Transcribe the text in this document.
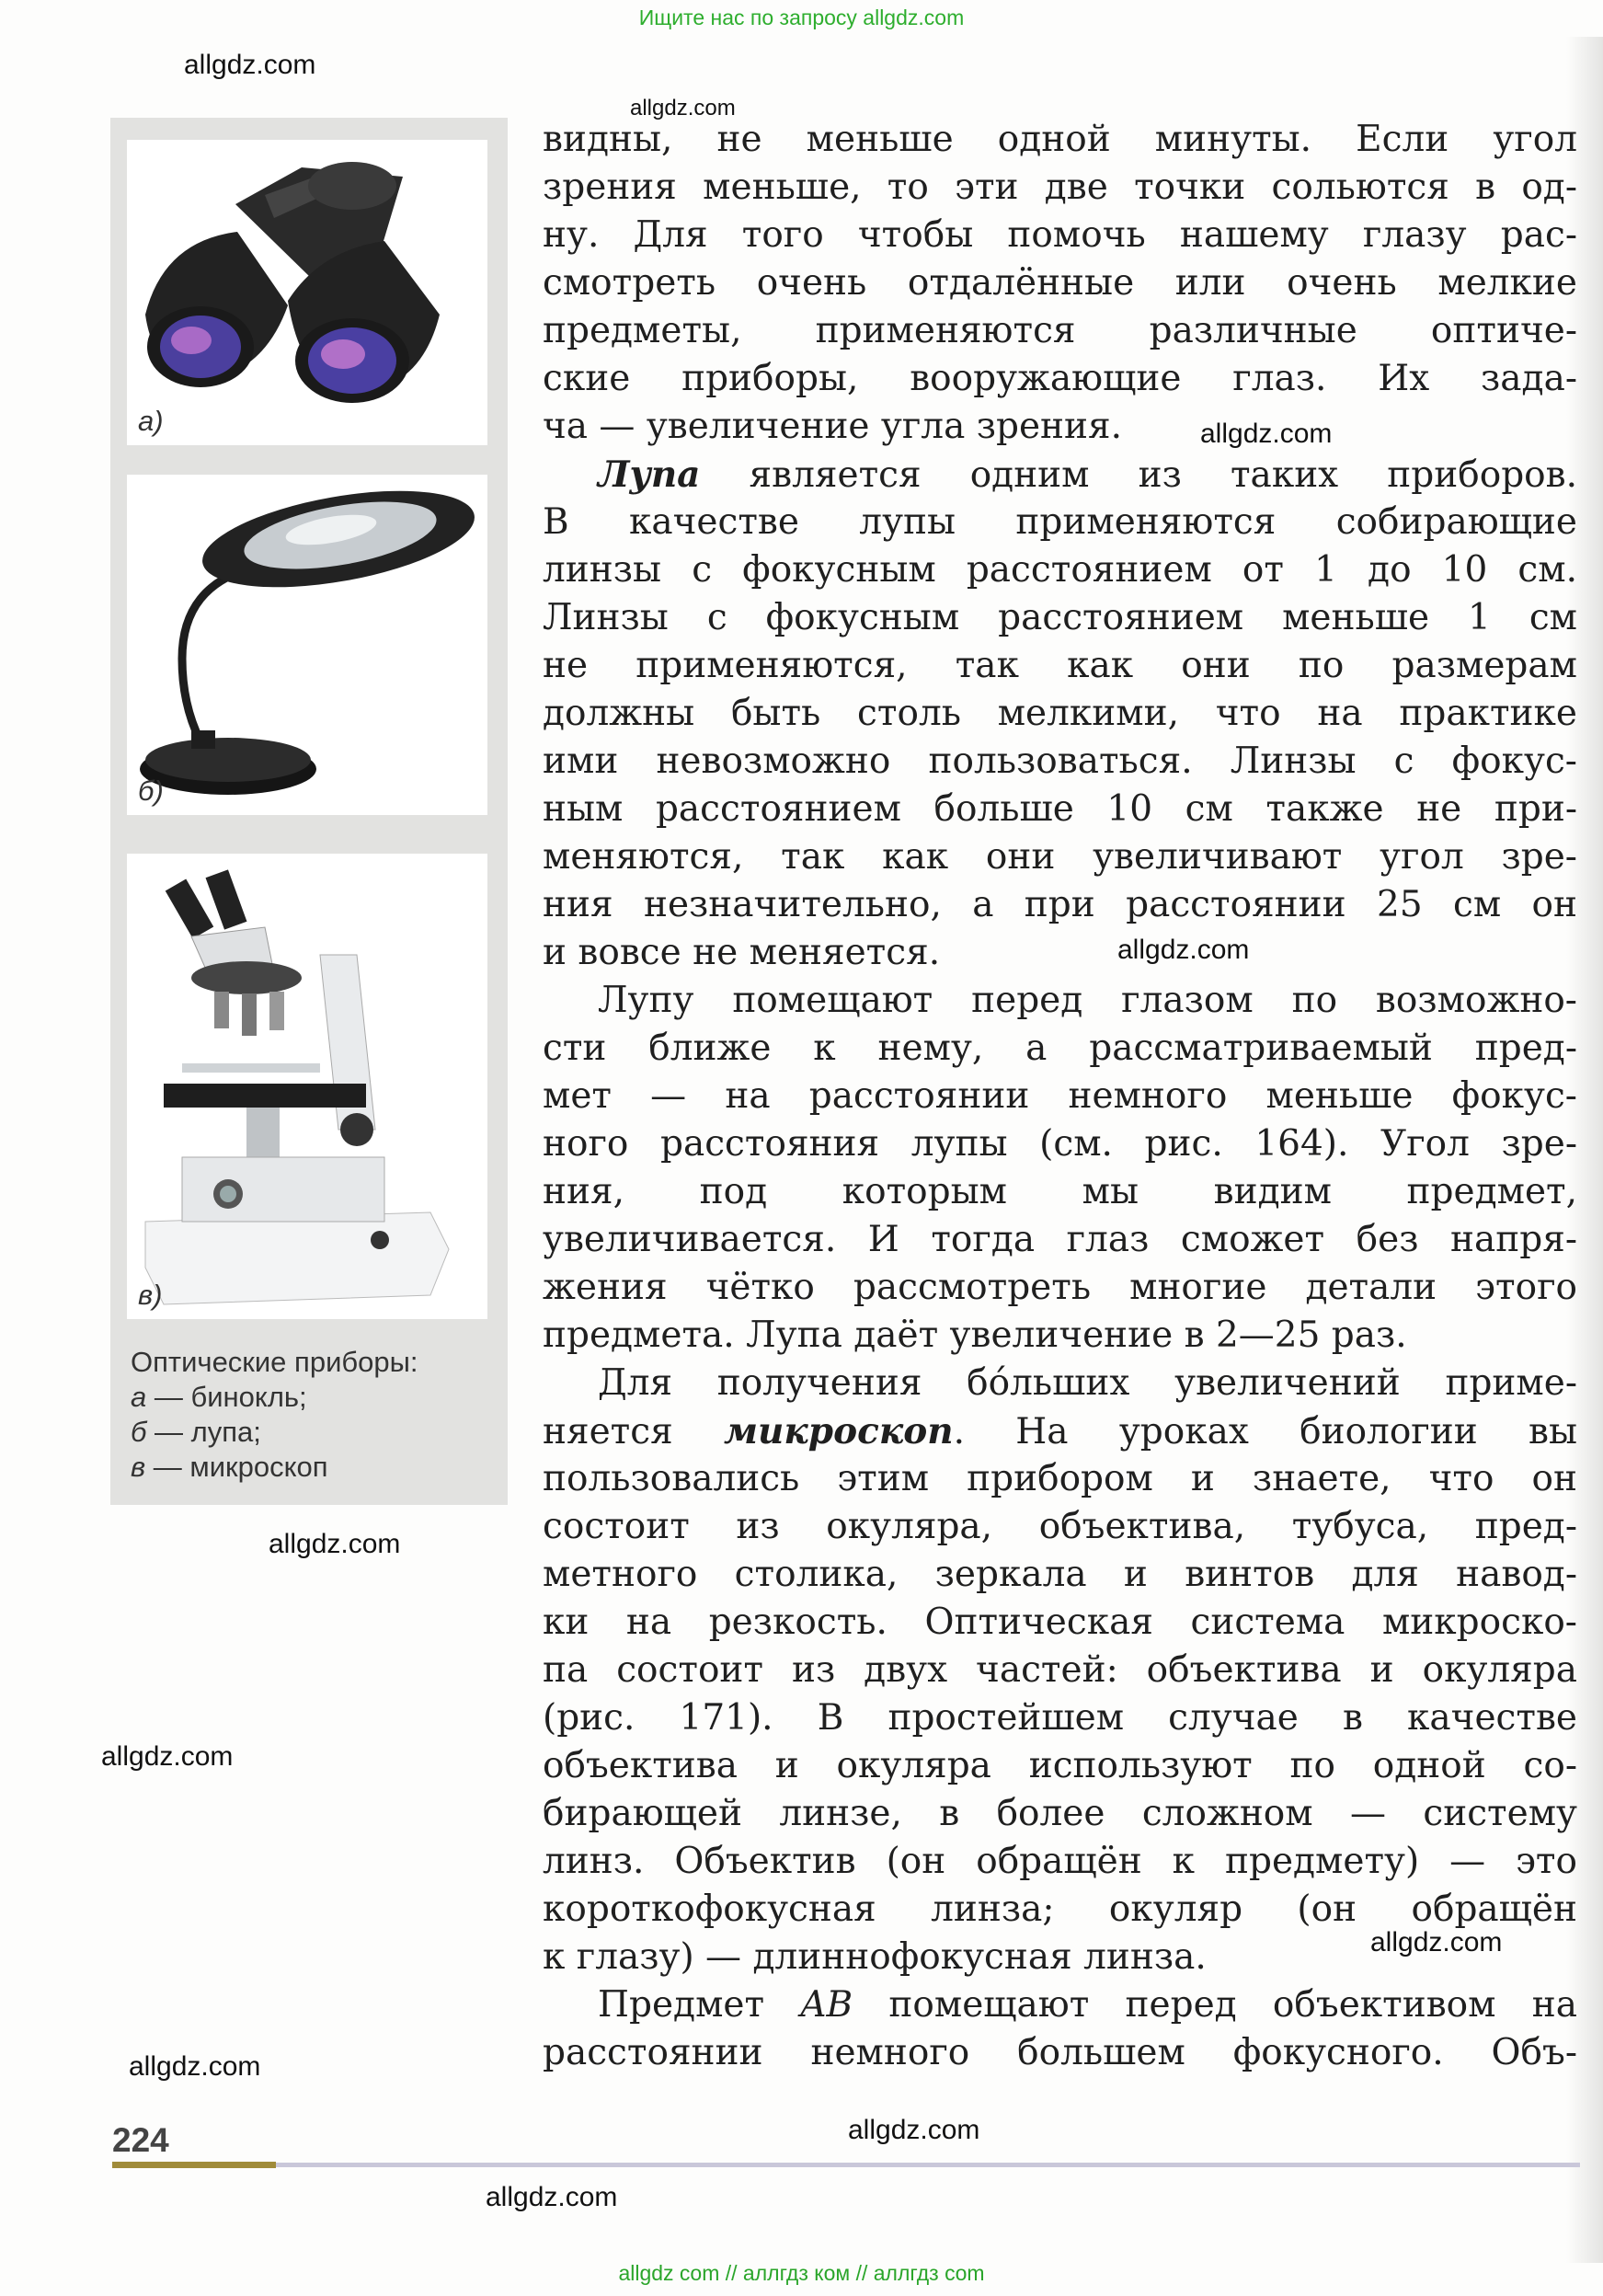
Ищите нас по запросу allgdz.com
allgdz.com
allgdz.com
allgdz.com
allgdz.com
allgdz.com
allgdz.com
allgdz.com
allgdz.com
allgdz.com
allgdz.com
а)
б)
в)
Оптические приборы:
а — бинокль;
б — лупа;
в — микроскоп
видны, не меньше одной минуты. Если угол
зрения меньше, то эти две точки сольются в од-
ну. Для того чтобы помочь нашему глазу рас-
смотреть очень отдалённые или очень мелкие
предметы, применяются различные оптиче-
ские приборы, вооружающие глаз. Их зада-
ча — увеличение угла зрения.
Лупа является одним из таких приборов.
В качестве лупы применяются собирающие
линзы с фокусным расстоянием от 1 до 10 см.
Линзы с фокусным расстоянием меньше 1 см
не применяются, так как они по размерам
должны быть столь мелкими, что на практике
ими невозможно пользоваться. Линзы с фокус-
ным расстоянием больше 10 см также не при-
меняются, так как они увеличивают угол зре-
ния незначительно, а при расстоянии 25 см он
и вовсе не меняется.
Лупу помещают перед глазом по возможно-
сти ближе к нему, а рассматриваемый пред-
мет — на расстоянии немного меньше фокус-
ного расстояния лупы (см. рис. 164). Угол зре-
ния, под которым мы видим предмет,
увеличивается. И тогда глаз сможет без напря-
жения чётко рассмотреть многие детали этого
предмета. Лупа даёт увеличение в 2—25 раз.
Для получения бóльших увеличений приме-
няется микроскоп. На уроках биологии вы
пользовались этим прибором и знаете, что он
состоит из окуляра, объектива, тубуса, пред-
метного столика, зеркала и винтов для навод-
ки на резкость. Оптическая система микроско-
па состоит из двух частей: объектива и окуляра
(рис. 171). В простейшем случае в качестве
объектива и окуляра используют по одной со-
бирающей линзе, в более сложном — систему
линз. Объектив (он обращён к предмету) — это
короткофокусная линза; окуляр (он обращён
к глазу) — длиннофокусная линза.
Предмет AB помещают перед объективом на
расстоянии немного большем фокусного. Объ-
224
allgdz com // аллгдз ком // аллгдз com
